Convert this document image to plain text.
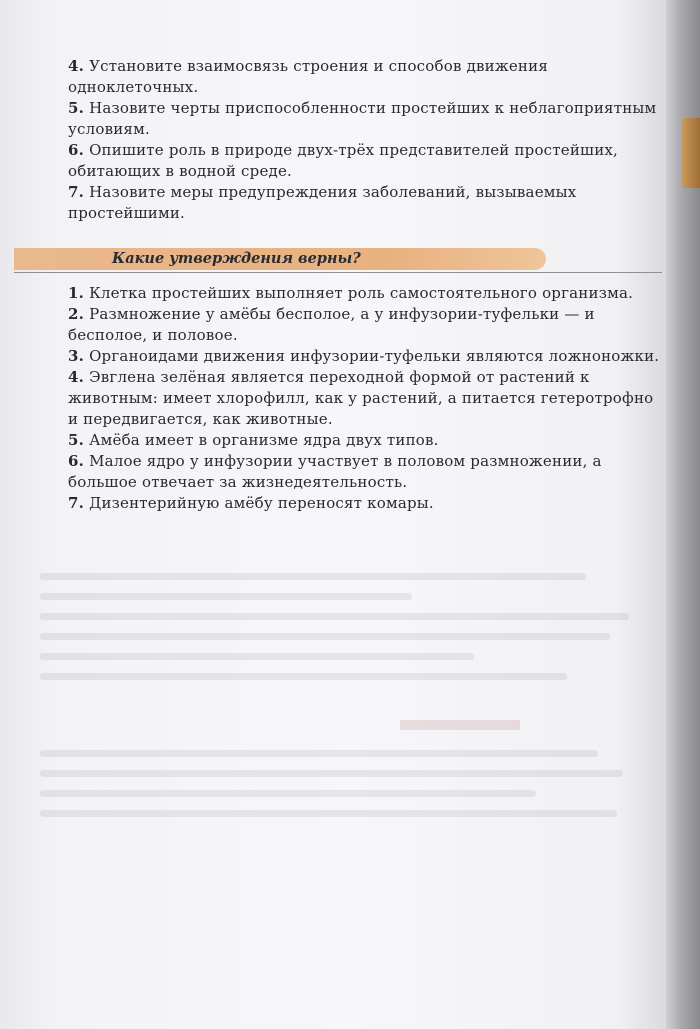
4. Установите взаимосвязь строения и способов движения одноклеточных.

5. Назовите черты приспособленности простейших к неблагоприятным условиям.

6. Опишите роль в природе двух-трёх представителей простейших, обитающих в водной среде.

7. Назовите меры предупреждения заболеваний, вызываемых простейшими.

Какие утверждения верны?

1. Клетка простейших выполняет роль самостоятельного организма.

2. Размножение у амёбы бесполое, а у инфузории-туфельки — и бесполое, и половое.

3. Органоидами движения инфузории-туфельки являются ложноножки.

4. Эвглена зелёная является переходной формой от растений к животным: имеет хлорофилл, как у растений, а питается гетеротрофно и передвигается, как животные.

5. Амёба имеет в организме ядра двух типов.

6. Малое ядро у инфузории участвует в половом размножении, а большое отвечает за жизнедеятельность.

7. Дизентерийную амёбу переносят комары.
